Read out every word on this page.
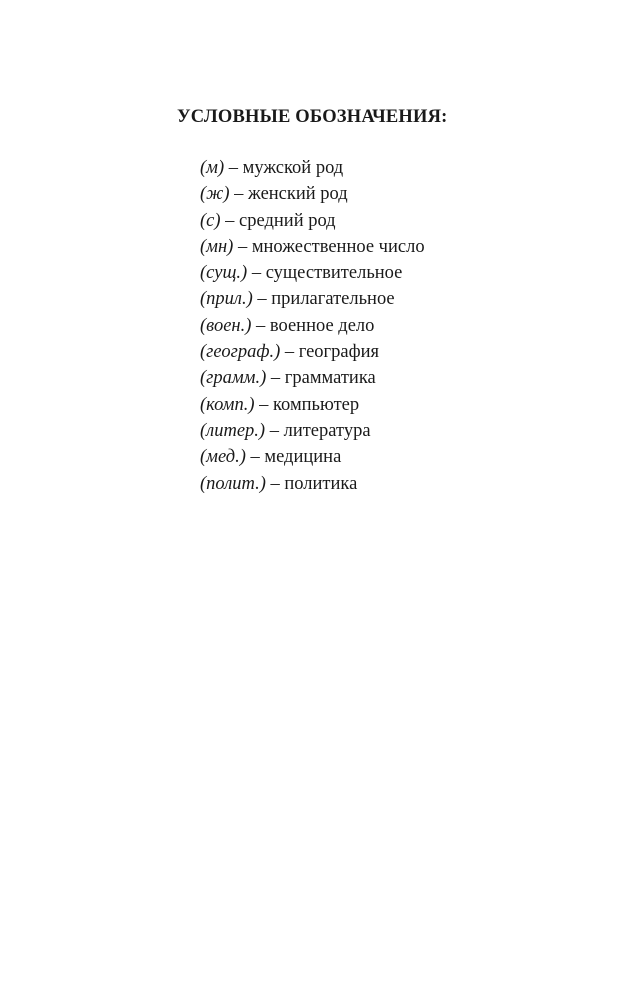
УСЛОВНЫЕ ОБОЗНАЧЕНИЯ:
(м) – мужской род
(ж) – женский род
(с) – средний род
(мн) – множественное число
(сущ.) – существительное
(прил.) – прилагательное
(воен.) – военное дело
(географ.) – география
(грамм.) – грамматика
(комп.) – компьютер
(литер.) – литература
(мед.) – медицина
(полит.) – политика
